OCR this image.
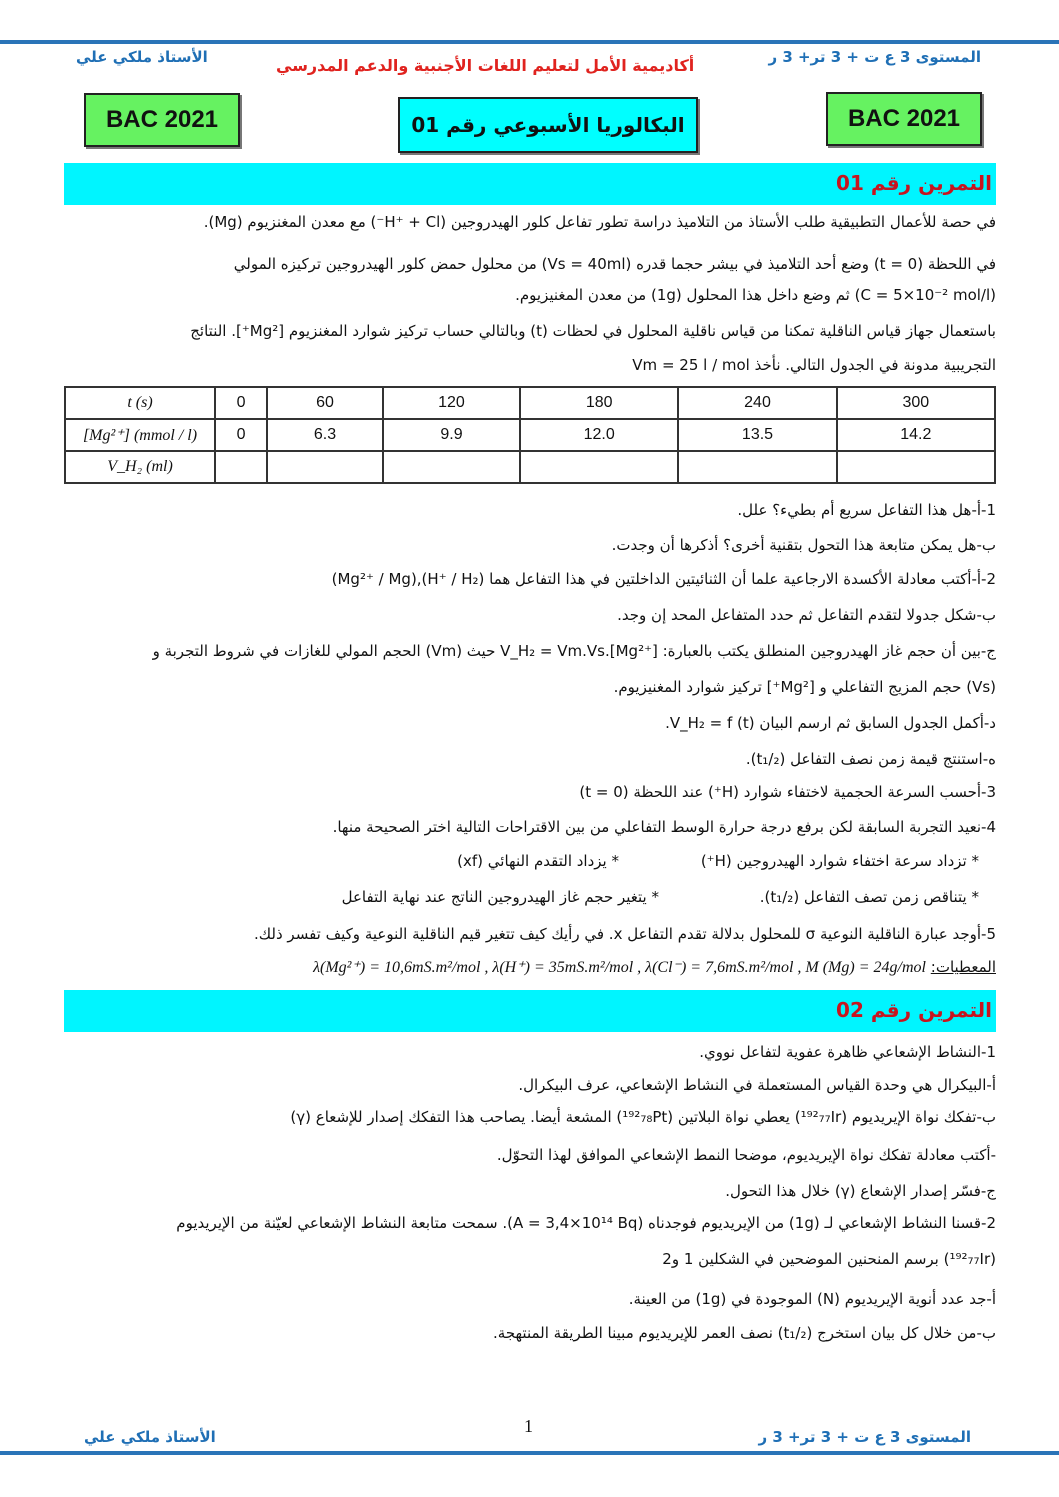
المستوى 3 ع ت + 3 تر+ 3 ر
أكاديمية الأمل لتعليم اللغات الأجنبية والدعم المدرسي
الأستاذ ملكي علي
BAC 2021	البكالوريا الأسبوعي رقم 01	BAC 2021
التمرين رقم 01
في حصة للأعمال التطبيقية طلب الأستاذ من التلاميذ دراسة تطور تفاعل كلور الهيدروجين (H⁺ + Cl⁻) مع معدن المغنزيوم (Mg).
في اللحظة (t = 0) وضع أحد التلاميذ في بيشر حجما قدره (Vs = 40ml) من محلول حمض كلور الهيدروجين تركيزه المولي
(C = 5×10⁻² mol/l) ثم وضع داخل هذا المحلول (1g) من معدن المغنيزيوم.
باستعمال جهاز قياس الناقلية تمكنا من قياس ناقلية المحلول في لحظات (t) وبالتالي حساب تركيز شوارد المغنزيوم [Mg²⁺]. النتائج
التجريبية مدونة في الجدول التالي. نأخذ Vm = 25 l / mol
t (s)	0	60	120	180	240	300
[Mg²⁺] (mmol / l)	0	6.3	9.9	12.0	13.5	14.2
V_H₂ (ml)						
1-أ-هل هذا التفاعل سريع أم بطيء؟ علل.
ب-هل يمكن متابعة هذا التحول بتقنية أخرى؟ أذكرها أن وجدت.
2-أ-أكتب معادلة الأكسدة الارجاعية علما أن الثنائيتين الداخلتين في هذا التفاعل هما (H⁺ / H₂),(Mg²⁺ / Mg)
ب-شكل جدولا لتقدم التفاعل ثم حدد المتفاعل المحد إن وجد.
ج-بين أن حجم غاز الهيدروجين المنطلق يكتب بالعبارة: V_H₂ = Vm.Vs.[Mg²⁺] حيث (Vm) الحجم المولي للغازات في شروط التجربة و
(Vs) حجم المزيج التفاعلي و [Mg²⁺] تركيز شوارد المغنيزيوم.
د-أكمل الجدول السابق ثم ارسم البيان V_H₂ = f (t).
ه-استنتج قيمة زمن نصف التفاعل (t₁/₂).
3-أحسب السرعة الحجمية لاختفاء شوارد (H⁺) عند اللحظة (t = 0)
4-نعيد التجربة السابقة لكن برفع درجة حرارة الوسط التفاعلي من بين الاقتراحات التالية اختر الصحيحة منها.
* تزداد سرعة اختفاء شوارد الهيدروجين (H⁺)
* يزداد التقدم النهائي (xf)
* يتناقص زمن تصف التفاعل (t₁/₂).
* يتغير حجم غاز الهيدروجين الناتج عند نهاية التفاعل
5-أوجد عبارة الناقلية النوعية σ للمحلول بدلالة تقدم التفاعل x. في رأيك كيف تتغير قيم الناقلية النوعية وكيف تفسر ذلك.
المعطيات: λ(Mg²⁺) = 10,6mS.m²/mol , λ(H⁺) = 35mS.m²/mol , λ(Cl⁻) = 7,6mS.m²/mol , M (Mg) = 24g/mol
التمرين رقم 02
1-النشاط الإشعاعي ظاهرة عفوية لتفاعل نووي.
أ-البيكرال هي وحدة القياس المستعملة في النشاط الإشعاعي، عرف البيكرال.
ب-تفكك نواة الإيريديوم (¹⁹²₇₇Ir) يعطي نواة البلاتين (¹⁹²₇₈Pt) المشعة أيضا. يصاحب هذا التفكك إصدار للإشعاع (γ)
-أكتب معادلة تفكك نواة الإيريديوم، موضحا النمط الإشعاعي الموافق لهذا التحوّل.
ج-فسّر إصدار الإشعاع (γ) خلال هذا التحول.
2-قسنا النشاط الإشعاعي لـ (1g) من الإيريديوم فوجدناه (A = 3,4×10¹⁴ Bq). سمحت متابعة النشاط الإشعاعي لعيّنة من الإيريديوم
(¹⁹²₇₇Ir) برسم المنحنين الموضحين في الشكلين 1 و2
أ-جد عدد أنوية الإيريديوم (N) الموجودة في (1g) من العينة.
ب-من خلال كل بيان استخرج (t₁/₂) نصف العمر للإيريديوم مبينا الطريقة المنتهجة.
1
الأستاذ ملكي علي	المستوى 3 ع ت + 3 تر+ 3 ر
